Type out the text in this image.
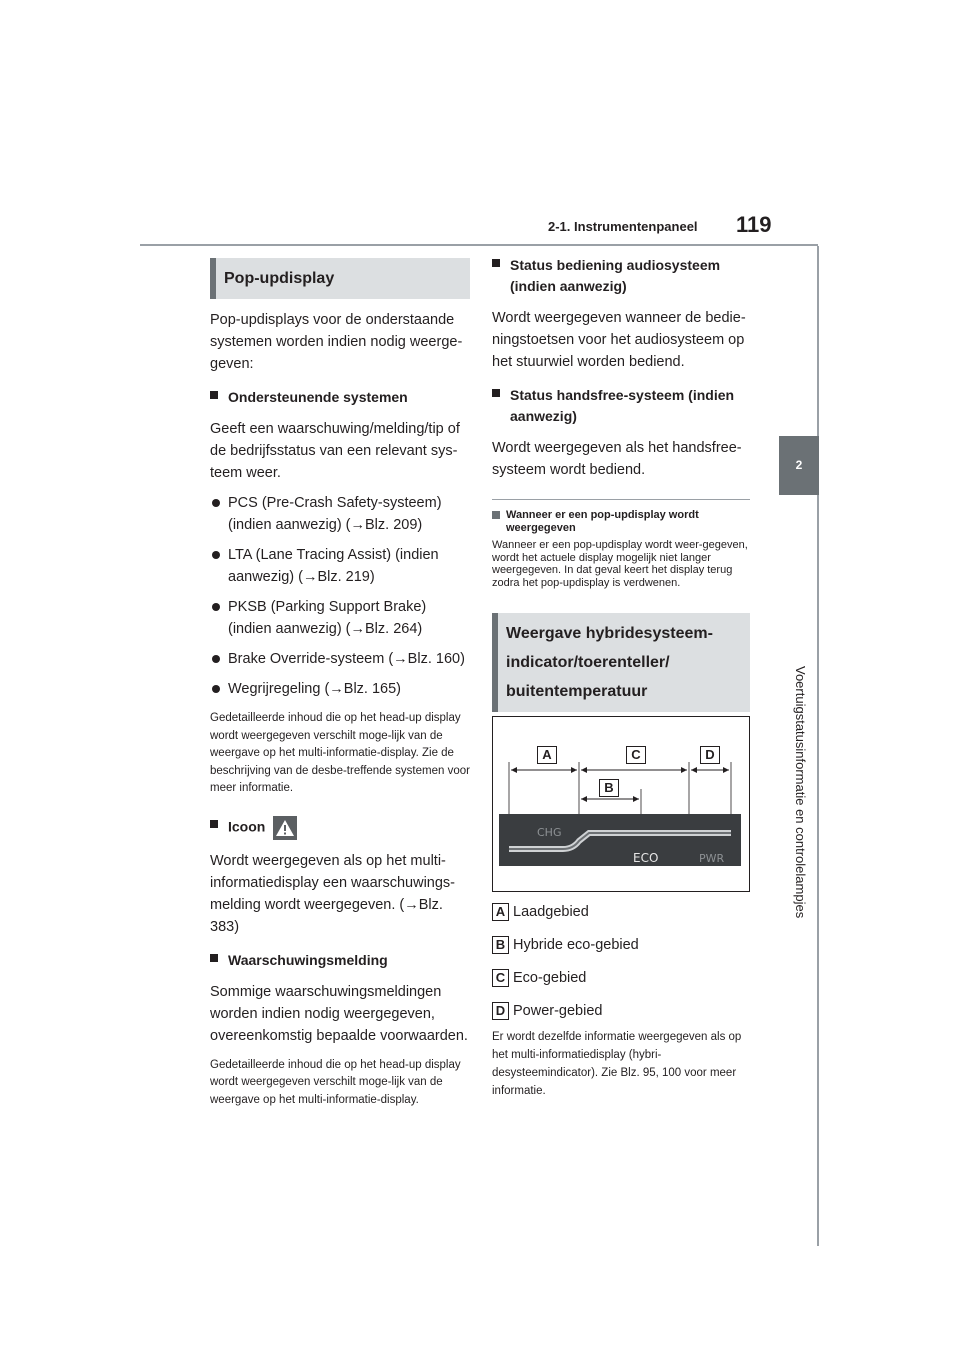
2-1. Instrumentenpaneel 119
2
Voertuigstatusinformatie en controlelampjes
Pop-updisplay

Pop-updisplays voor de onderstaande systemen worden indien nodig weerge-geven:

Ondersteunende systemen

Geeft een waarschuwing/melding/tip of de bedrijfsstatus van een relevant sys-teem weer.

PCS (Pre-Crash Safety-systeem) (indien aanwezig) (→Blz. 209)
LTA (Lane Tracing Assist) (indien aanwezig) (→Blz. 219)
PKSB (Parking Support Brake) (indien aanwezig) (→Blz. 264)
Brake Override-systeem (→Blz. 160)
Wegrijregeling (→Blz. 165)

Gedetailleerde inhoud die op het head-up display wordt weergegeven verschilt moge-lijk van de weergave op het multi-informatie-display. Zie de beschrijving van de desbe-treffende systemen voor meer informatie.

Icoon

Wordt weergegeven als op het multi-informatiedisplay een waarschuwings-melding wordt weergegeven. (→Blz. 383)

Waarschuwingsmelding

Sommige waarschuwingsmeldingen worden indien nodig weergegeven, overeenkomstig bepaalde voorwaarden.

Gedetailleerde inhoud die op het head-up display wordt weergegeven verschilt moge-lijk van de weergave op het multi-informatie-display.

Status bediening audiosysteem (indien aanwezig)

Wordt weergegeven wanneer de bedie-ningstoetsen voor het audiosysteem op het stuurwiel worden bediend.

Status handsfree-systeem (indien aanwezig)

Wordt weergegeven als het handsfree-systeem wordt bediend.

Wanneer er een pop-updisplay wordt weergegeven

Wanneer er een pop-updisplay wordt weer-gegeven, wordt het actuele display mogelijk niet langer weergegeven. In dat geval keert het display terug zodra het pop-updisplay is verdwenen.

Weergave hybridesysteem-indicator/toerenteller/ buitentemperatuur
CHG
ECO	PWR
A
B
C	D
A Laadgebied
B Hybride eco-gebied
C Eco-gebied
D Power-gebied

Er wordt dezelfde informatie weergegeven als op het multi-informatiedisplay (hybri-desysteemindicator). Zie Blz. 95, 100 voor meer informatie.
